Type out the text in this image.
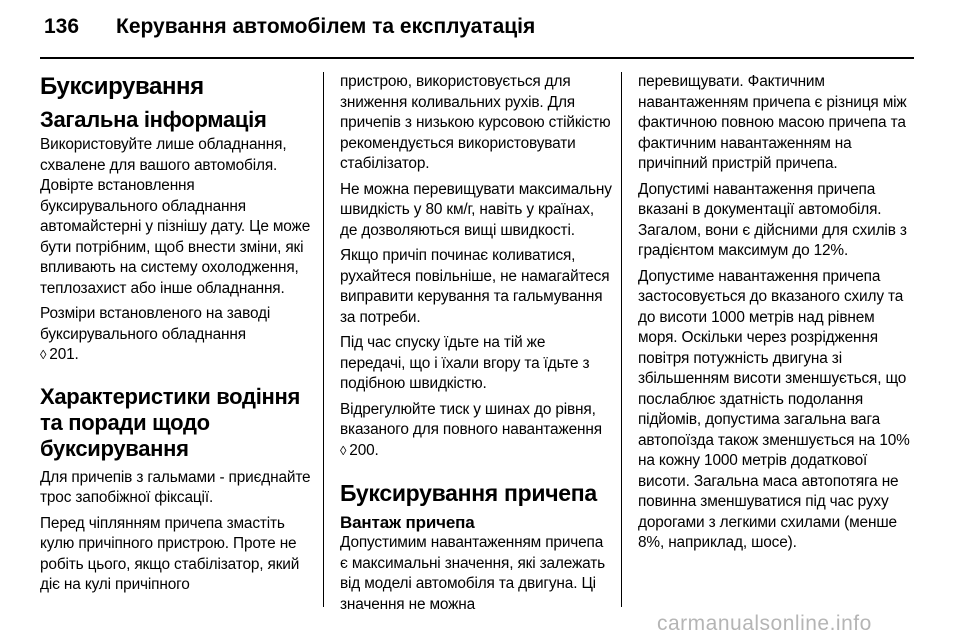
136 Керування автомобілем та експлуатація
Буксирування
Загальна інформація

Використовуйте лише обладнання, схвалене для вашого автомобіля. Довірте встановлення буксирувального обладнання автомайстерні у пізнішу дату. Це може бути потрібним, щоб внести зміни, які впливають на систему охолодження, теплозахист або інше обладнання.

Розміри встановленого на заводі буксирувального обладнання
◊ 201.

Характеристики водіння та поради щодо буксирування

Для причепів з гальмами - приєднайте трос запобіжної фіксації.

Перед чіплянням причепа змастіть кулю причіпного пристрою. Проте не робіть цього, якщо стабілізатор, який діє на кулі причіпного

пристрою, використовується для зниження коливальних рухів. Для причепів з низькою курсовою стійкістю рекомендується використовувати стабілізатор.

Не можна перевищувати максимальну швидкість у 80 км/г, навіть у країнах, де дозволяються вищі швидкості.

Якщо причіп починає коливатися, рухайтеся повільніше, не намагайтеся виправити керування та гальмування за потреби.

Під час спуску їдьте на тій же передачі, що і їхали вгору та їдьте з подібною швидкістю.

Відрегулюйте тиск у шинах до рівня, вказаного для повного навантаження ◊ 200.

Буксирування причепа
Вантаж причепа

Допустимим навантаженням причепа є максимальні значення, які залежать від моделі автомобіля та двигуна. Ці значення не можна

перевищувати. Фактичним навантаженням причепа є різниця між фактичною повною масою причепа та фактичним навантаженням на причіпний пристрій причепа.

Допустимі навантаження причепа вказані в документації автомобіля. Загалом, вони є дійсними для схилів з градієнтом максимум до 12%.

Допустиме навантаження причепа застосовується до вказаного схилу та до висоти 1000 метрів над рівнем моря. Оскільки через розрідження повітря потужність двигуна зі збільшенням висоти зменшується, що послаблює здатність подолання підйомів, допустима загальна вага автопоїзда також зменшується на 10% на кожну 1000 метрів додаткової висоти. Загальна маса автопотяга не повинна зменшуватися під час руху дорогами з легкими схилами (менше 8%, наприклад, шосе).

carmanualsonline.info
